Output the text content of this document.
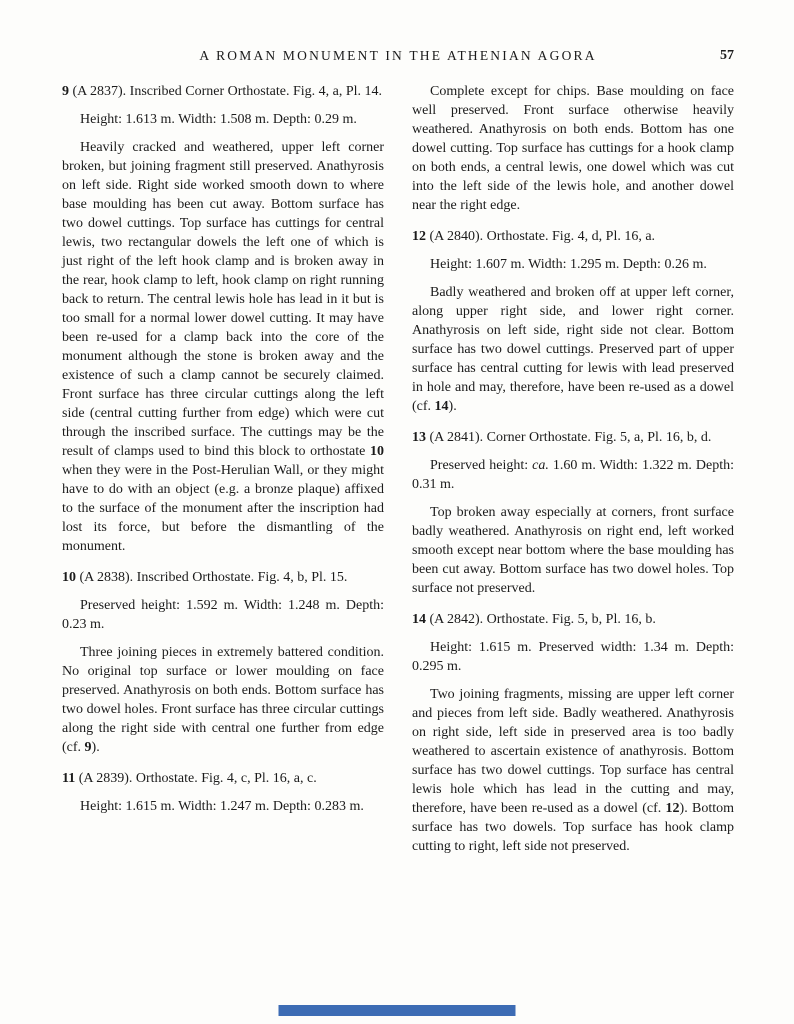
A ROMAN MONUMENT IN THE ATHENIAN AGORA	57

9 (A 2837). Inscribed Corner Orthostate. Fig. 4, a, Pl. 14.

Height: 1.613 m. Width: 1.508 m. Depth: 0.29 m.

Heavily cracked and weathered, upper left corner broken, but joining fragment still preserved. Anathyrosis on left side. Right side worked smooth down to where base moulding has been cut away. Bottom surface has two dowel cuttings. Top surface has cuttings for central lewis, two rectangular dowels the left one of which is just right of the left hook clamp and is broken away in the rear, hook clamp to left, hook clamp on right running back to return. The central lewis hole has lead in it but is too small for a normal lower dowel cutting. It may have been re-used for a clamp back into the core of the monument although the stone is broken away and the existence of such a clamp cannot be securely claimed. Front surface has three circular cuttings along the left side (central cutting further from edge) which were cut through the inscribed surface. The cuttings may be the result of clamps used to bind this block to orthostate 10 when they were in the Post-Herulian Wall, or they might have to do with an object (e.g. a bronze plaque) affixed to the surface of the monument after the inscription had lost its force, but before the dismantling of the monument.

10 (A 2838). Inscribed Orthostate. Fig. 4, b, Pl. 15.

Preserved height: 1.592 m. Width: 1.248 m. Depth: 0.23 m.

Three joining pieces in extremely battered condition. No original top surface or lower moulding on face preserved. Anathyrosis on both ends. Bottom surface has two dowel holes. Front surface has three circular cuttings along the right side with central one further from edge (cf. 9).

11 (A 2839). Orthostate. Fig. 4, c, Pl. 16, a, c.

Height: 1.615 m. Width: 1.247 m. Depth: 0.283 m.

Complete except for chips. Base moulding on face well preserved. Front surface otherwise heavily weathered. Anathyrosis on both ends. Bottom has one dowel cutting. Top surface has cuttings for a hook clamp on both ends, a central lewis, one dowel which was cut into the left side of the lewis hole, and another dowel near the right edge.

12 (A 2840). Orthostate. Fig. 4, d, Pl. 16, a.

Height: 1.607 m. Width: 1.295 m. Depth: 0.26 m.

Badly weathered and broken off at upper left corner, along upper right side, and lower right corner. Anathyrosis on left side, right side not clear. Bottom surface has two dowel cuttings. Preserved part of upper surface has central cutting for lewis with lead preserved in hole and may, therefore, have been re-used as a dowel (cf. 14).

13 (A 2841). Corner Orthostate. Fig. 5, a, Pl. 16, b, d.

Preserved height: ca. 1.60 m. Width: 1.322 m. Depth: 0.31 m.

Top broken away especially at corners, front surface badly weathered. Anathyrosis on right end, left worked smooth except near bottom where the base moulding has been cut away. Bottom surface has two dowel holes. Top surface not preserved.

14 (A 2842). Orthostate. Fig. 5, b, Pl. 16, b.

Height: 1.615 m. Preserved width: 1.34 m. Depth: 0.295 m.

Two joining fragments, missing are upper left corner and pieces from left side. Badly weathered. Anathyrosis on right side, left side in preserved area is too badly weathered to ascertain existence of anathyrosis. Bottom surface has two dowel cuttings. Top surface has central lewis hole which has lead in the cutting and may, therefore, have been re-used as a dowel (cf. 12). Bottom surface has two dowels. Top surface has hook clamp cutting to right, left side not preserved.
